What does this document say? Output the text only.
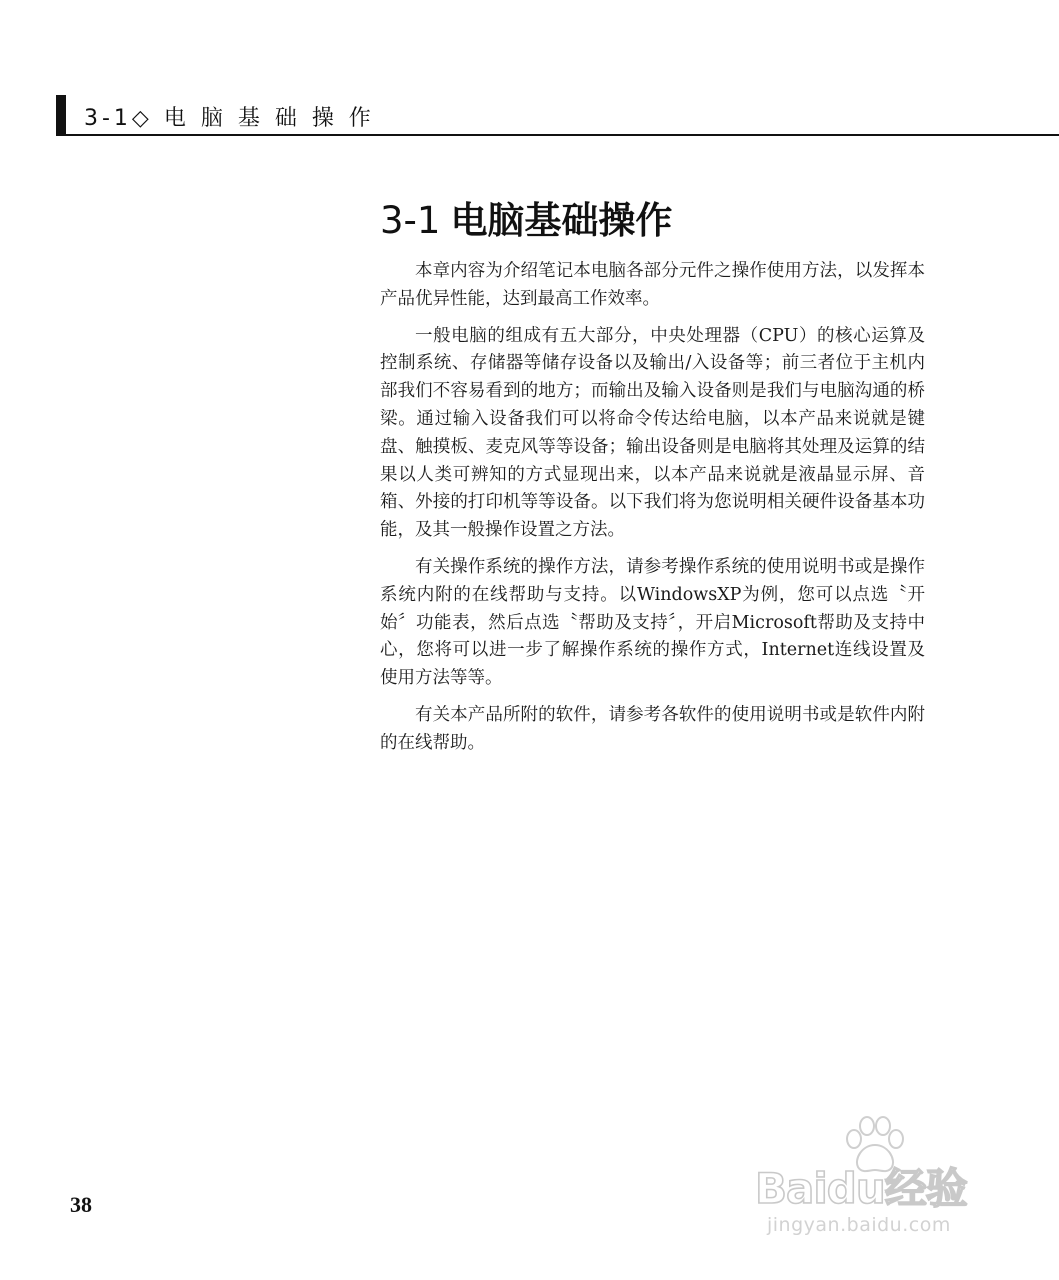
3-1◇ 电 脑 基 础 操 作
3-1 电脑基础操作

本章内容为介绍笔记本电脑各部分元件之操作使用方法，以发挥本产品优异性能，达到最高工作效率。

一般电脑的组成有五大部分，中央处理器（CPU）的核心运算及控制系统、存储器等储存设备以及输出/入设备等；前三者位于主机内部我们不容易看到的地方；而输出及输入设备则是我们与电脑沟通的桥梁。通过输入设备我们可以将命令传达给电脑，以本产品来说就是键盘、触摸板、麦克风等等设备；输出设备则是电脑将其处理及运算的结果以人类可辨知的方式显现出来，以本产品来说就是液晶显示屏、音箱、外接的打印机等等设备。以下我们将为您说明相关硬件设备基本功能，及其一般操作设置之方法。

有关操作系统的操作方法，请参考操作系统的使用说明书或是操作系统内附的在线帮助与支持。以WindowsXP为例，您可以点选〝开始〞功能表，然后点选〝帮助及支持〞，开启Microsoft帮助及支持中心，您将可以进一步了解操作系统的操作方式，Internet连线设置及使用方法等等。

有关本产品所附的软件，请参考各软件的使用说明书或是软件内附的在线帮助。

38	Baidu经验
jingyan.baidu.com
